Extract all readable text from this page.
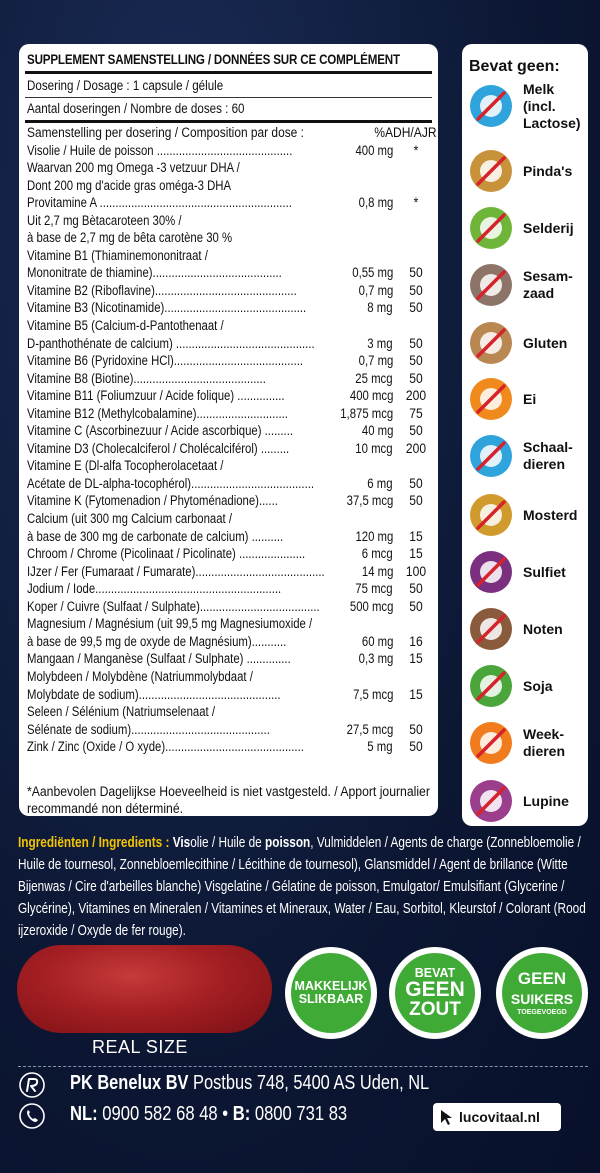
SUPPLEMENT SAMENSTELLING / DONNÉES SUR CE COMPLÉMENT
Dosering / Dosage : 1 capsule / gélule
Aantal doseringen / Nombre de doses : 60
Samenstelling per dosering / Composition par dose :	%ADH/AJR
Visolie / Huile de poisson ...........................................	400 mg	*
Waarvan 200 mg Omega -3 vetzuur DHA /
Dont 200 mg d'acide gras oméga-3 DHA
Provitamine A .............................................................	0,8 mg	*
Uit 2,7 mg Bètacaroteen 30% /
à base de 2,7 mg de bêta carotène 30 %
Vitamine B1 (Thiaminemononitraat /
Mononitrate de thiamine).........................................	0,55 mg	50
Vitamine B2 (Riboflavine).............................................	0,7 mg	50
Vitamine B3 (Nicotinamide).............................................	8 mg	50
Vitamine B5 (Calcium-d-Pantothenaat /
D-panthothénate de calcium) ............................................	3 mg	50
Vitamine B6 (Pyridoxine HCl).........................................	0,7 mg	50
Vitamine B8 (Biotine)..........................................	25 mcg	50
Vitamine B11 (Foliumzuur / Acide folique) ...............	400 mcg 200
Vitamine B12 (Methylcobalamine).............................	1,875 mcg	75
Vitamine C (Ascorbinezuur / Acide ascorbique) .........	40 mg	50
Vitamine D3 (Cholecalciferol / Cholécalciférol) .........	10 mcg 200
Vitamine E (Dl-alfa Tocopherolacetaat /
Acétate de DL-alpha-tocophérol).......................................	6 mg	50
Vitamine K (Fytomenadion / Phytoménadione)......	37,5 mcg	50
Calcium (uit 300 mg Calcium carbonaat /
à base de 300 mg de carbonate de calcium) ..........	120 mg	15
Chroom / Chrome (Picolinaat / Picolinate) .....................	6 mcg	15
IJzer / Fer (Fumaraat / Fumarate).........................................	14 mg 100
Jodium / Iode...........................................................	75 mcg	50
Koper / Cuivre (Sulfaat / Sulphate)...................................... 500 mcg	50
Magnesium / Magnésium (uit 99,5 mg Magnesiumoxide /
à base de 99,5 mg de oxyde de Magnésium)...........	60 mg	16
Mangaan / Manganèse (Sulfaat / Sulphate) ..............	0,3 mg	15
Molybdeen / Molybdène (Natriummolybdaat /
Molybdate de sodium).............................................	7,5 mcg	15
Seleen / Sélénium (Natriumselenaat /
Sélénate de sodium)............................................	27,5 mcg	50
Zink / Zinc (Oxide / O xyde)............................................	5 mg	50
*Aanbevolen Dagelijkse Hoeveelheid is niet vastgesteld. / Apport journalier recommandé non déterminé.
Bevat geen:
Melk
(incl.
Lactose)
Pinda's
Selderij
Sesam-
zaad
Gluten
Ei
Schaal-
dieren
Mosterd
Sulfiet
Noten
Soja
Week-
dieren
Lupine
Ingrediënten / Ingredients : Visolie / Huile de poisson, Vulmiddelen / Agents de charge (Zonnebloemolie / Huile de tournesol, Zonnebloemlecithine / Lécithine de tournesol), Glansmiddel / Agent de brillance (Witte Bijenwas / Cire d'arbeilles blanche) Visgelatine / Gélatine de poisson, Emulgator/ Emulsifiant (Glycerine / Glycérine), Vitamines en Mineralen / Vitamines et Mineraux, Water / Eau, Sorbitol, Kleurstof / Colorant (Rood ijzeroxide / Oxyde de fer rouge).
REAL SIZE
MAKKELIJK
SLIKBAAR
BEVAT
GEEN
ZOUT
GEEN
SUIKERS
TOEGEVOEGD
PK Benelux BV Postbus 748, 5400 AS Uden, NL
NL: 0900 582 68 48 • B: 0800 731 83	lucovitaal.nl
